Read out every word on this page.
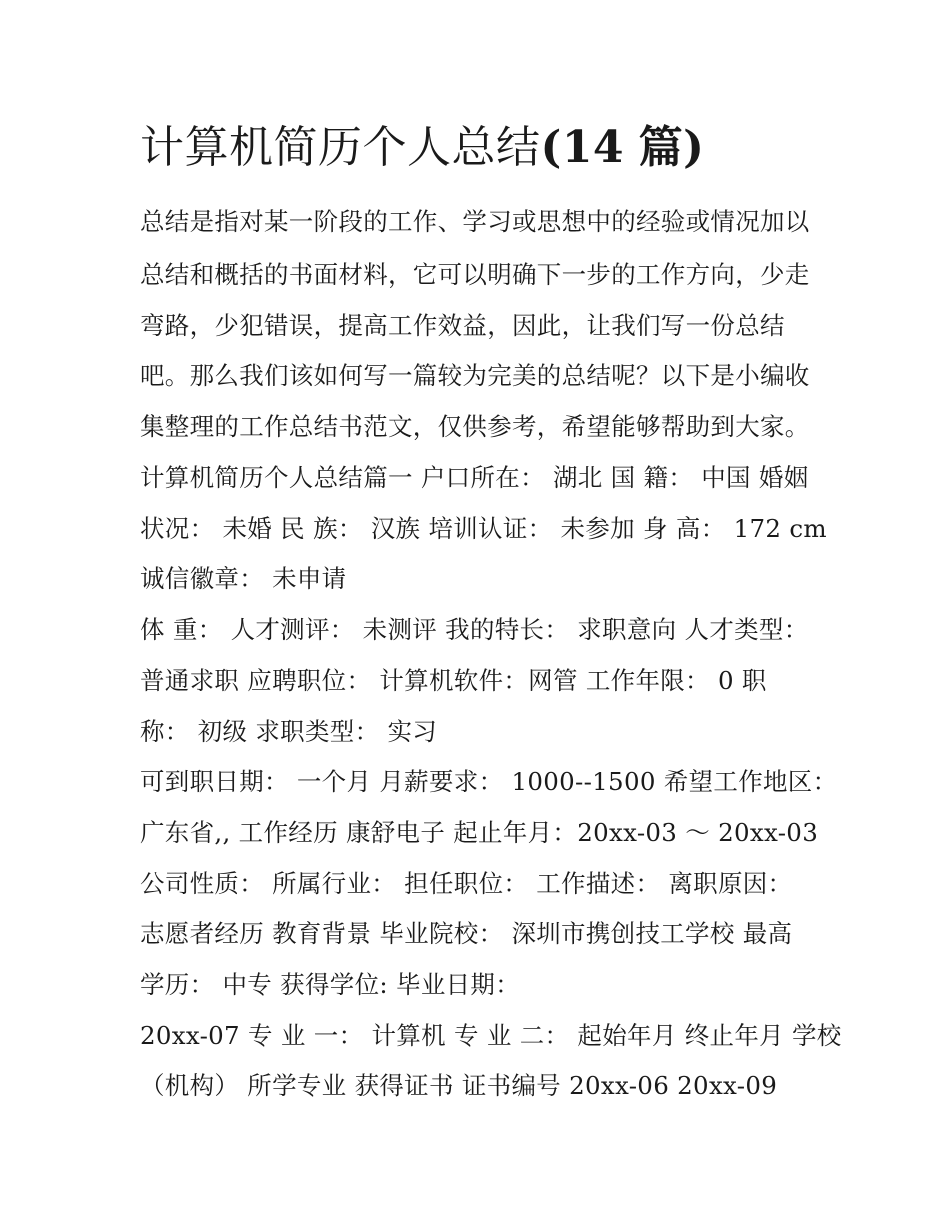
计算机简历个人总结(14 篇)

总结是指对某一阶段的工作、学习或思想中的经验或情况加以

总结和概括的书面材料，它可以明确下一步的工作方向，少走

弯路，少犯错误，提高工作效益，因此，让我们写一份总结

吧。那么我们该如何写一篇较为完美的总结呢？以下是小编收

集整理的工作总结书范文，仅供参考，希望能够帮助到大家。

计算机简历个人总结篇一 户口所在： 湖北 国 籍： 中国 婚姻

状况： 未婚 民 族： 汉族 培训认证： 未参加 身 高： 172 cm

诚信徽章： 未申请

体 重： 人才测评： 未测评 我的特长： 求职意向 人才类型：

普通求职 应聘职位： 计算机软件：网管 工作年限： 0 职

称： 初级 求职类型： 实习

可到职日期： 一个月 月薪要求： 1000--1500 希望工作地区：

广东省,, 工作经历 康舒电子 起止年月：20xx-03 ～ 20xx-03

公司性质： 所属行业： 担任职位： 工作描述： 离职原因：

志愿者经历 教育背景 毕业院校： 深圳市携创技工学校 最高

学历： 中专 获得学位: 毕业日期：

20xx-07 专 业 一： 计算机 专 业 二： 起始年月 终止年月 学校

（机构） 所学专业 获得证书 证书编号 20xx-06 20xx-09
